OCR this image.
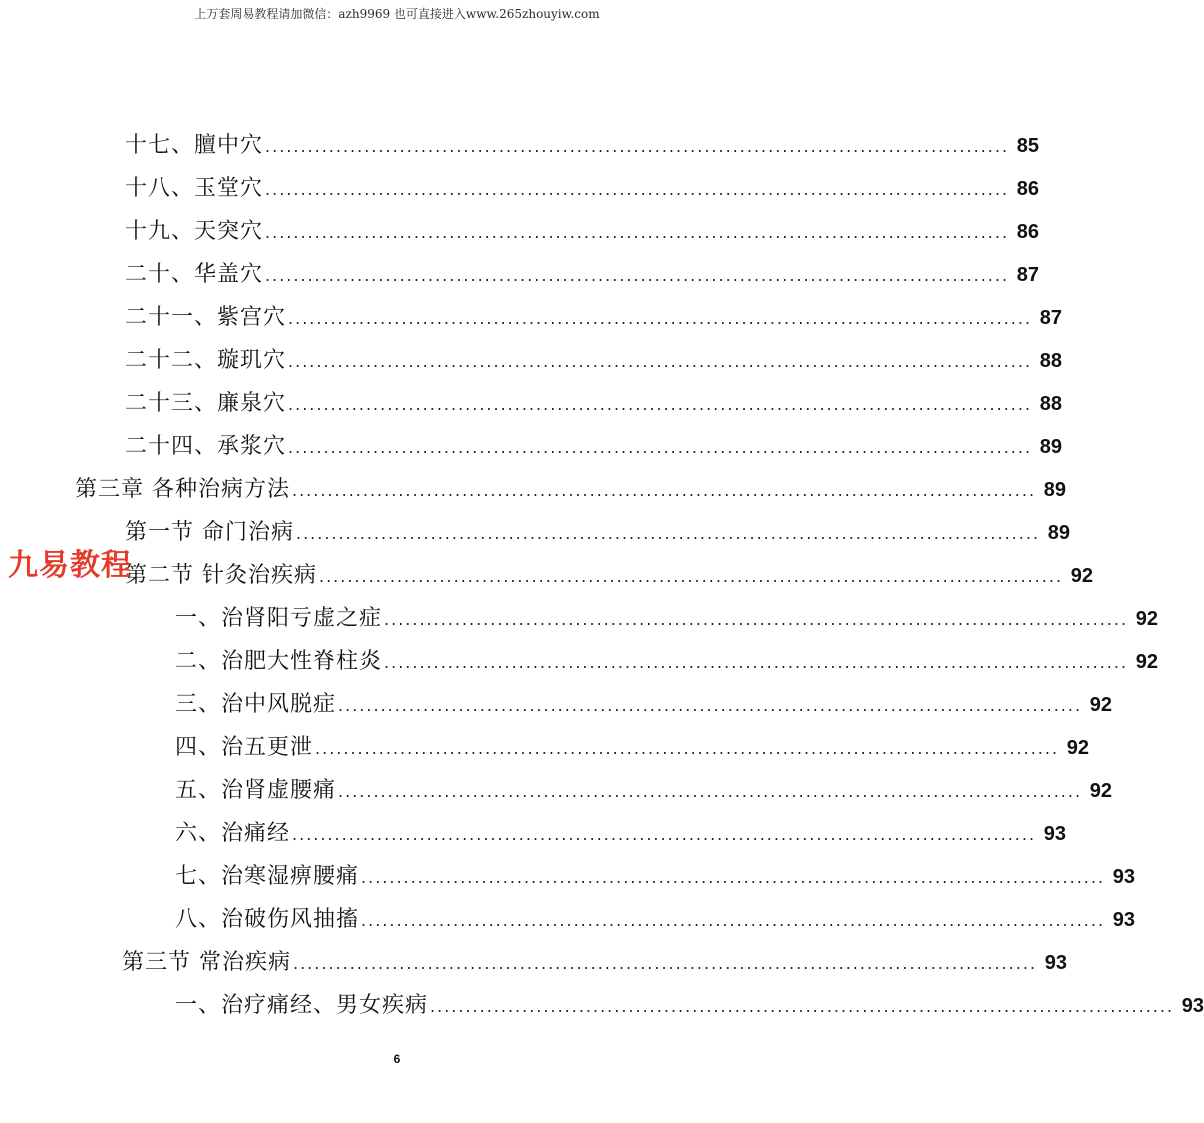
上万套周易教程请加微信：azh9969 也可直接进入www.265zhouyiw.com
十七、膻中穴 ......................................................................................................... 85
十八、玉堂穴 ......................................................................................................... 86
十九、天突穴 ......................................................................................................... 86
二十、华盖穴 ......................................................................................................... 87
二十一、紫宫穴 ......................................................................................................... 87
二十二、璇玑穴 ......................................................................................................... 88
二十三、廉泉穴 ......................................................................................................... 88
二十四、承浆穴 ......................................................................................................... 89
第三章 各种治病方法 ......................................................................................................... 89
第一节 命门治病 ......................................................................................................... 89
第二节 针灸治疾病 ......................................................................................................... 92
一、治肾阳亏虚之症 ......................................................................................................... 92
二、治肥大性脊柱炎 ......................................................................................................... 92
三、治中风脱症 ......................................................................................................... 92
四、治五更泄 ......................................................................................................... 92
五、治肾虚腰痛 ......................................................................................................... 92
六、治痛经 ......................................................................................................... 93
七、治寒湿痹腰痛 ......................................................................................................... 93
八、治破伤风抽搐 ......................................................................................................... 93
第三节 常治疾病 ......................................................................................................... 93
一、治疗痛经、男女疾病 ......................................................................................................... 93
九易教程
6
